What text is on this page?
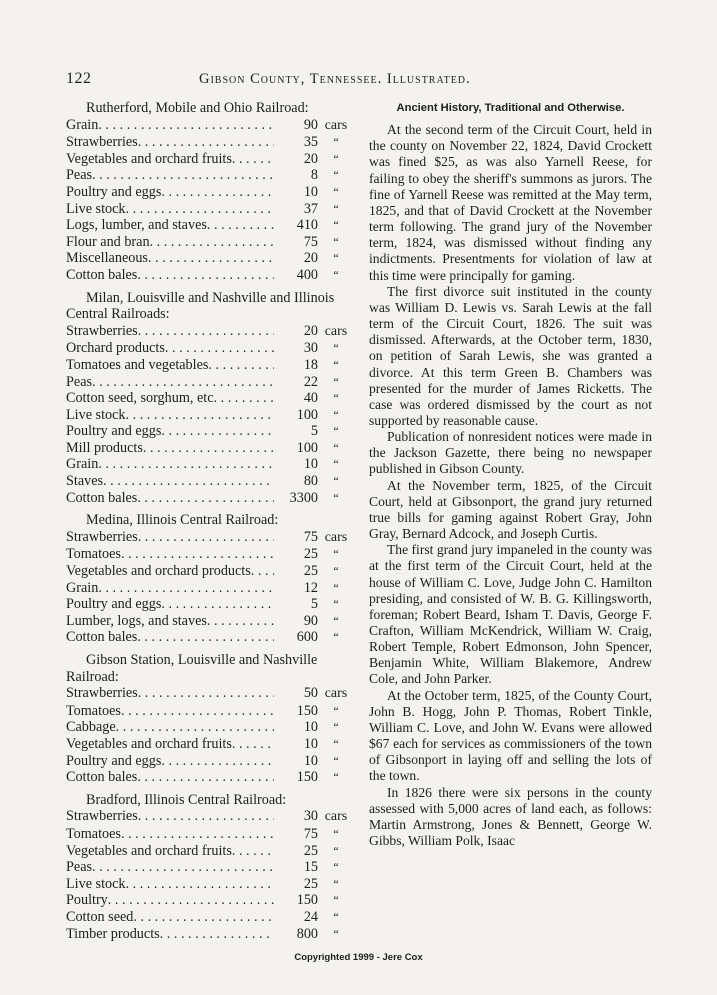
122	Gibson County, Tennessee. Illustrated.
Rutherford, Mobile and Ohio Railroad:
Grain . . .	90 cars
Strawberries . . .	35	“
Vegetables and orchard fruits . . .	20	“
Peas . . .	8	“
Poultry and eggs . . .	10	“
Live stock . . .	37	“
Logs, lumber, and staves . . .	410	“
Flour and bran . . .	75	“
Miscellaneous . . .	20	“
Cotton bales . . .	400	“
Milan, Louisville and Nashville and Illinois Central Railroads:
Strawberries . . .	20 cars
Orchard products . . .	30	“
Tomatoes and vegetables . . .	18	“
Peas . . .	22	“
Cotton seed, sorghum, etc . . .	40	“
Live stock . . .	100	“
Poultry and eggs . . .	5	“
Mill products . . .	100	“
Grain . . .	10	“
Staves . . .	80	“
Cotton bales . . .	3300	“
Medina, Illinois Central Railroad:
Strawberries . . .	75 cars
Tomatoes . . .	25	“
Vegetables and orchard products . . .	25	“
Grain . . .	12	“
Poultry and eggs . . .	5	“
Lumber, logs, and staves . . .	90	“
Cotton bales . . .	600	“
Gibson Station, Louisville and Nashville Railroad:
Strawberries . . .	50 cars
Tomatoes . . .	150	“
Cabbage . . .	10	“
Vegetables and orchard fruits . . .	10	“
Poultry and eggs . . .	10	“
Cotton bales . . .	150	“
Bradford, Illinois Central Railroad:
Strawberries . . .	30 cars
Tomatoes . . .	75	“
Vegetables and orchard fruits . . .	25	“
Peas . . .	15	“
Live stock . . .	25	“
Poultry . . .	150	“
Cotton seed . . .	24	“
Timber products . . .	800	“
Ancient History, Traditional and Otherwise.

At the second term of the Circuit Court, held in the county on November 22, 1824, David Crockett was fined $25, as was also Yarnell Reese, for failing to obey the sheriff's summons as jurors. The fine of Yarnell Reese was remitted at the May term, 1825, and that of David Crockett at the November term following. The grand jury of the November term, 1824, was dismissed without finding any indictments. Presentments for violation of law at this time were principally for gaming.

The first divorce suit instituted in the county was William D. Lewis vs. Sarah Lewis at the fall term of the Circuit Court, 1826. The suit was dismissed. Afterwards, at the October term, 1830, on petition of Sarah Lewis, she was granted a divorce. At this term Green B. Chambers was presented for the murder of James Ricketts. The case was ordered dismissed by the court as not supported by reasonable cause.

Publication of nonresident notices were made in the Jackson Gazette, there being no newspaper published in Gibson County.

At the November term, 1825, of the Circuit Court, held at Gibsonport, the grand jury returned true bills for gaming against Robert Gray, John Gray, Bernard Adcock, and Joseph Curtis.

The first grand jury impaneled in the county was at the first term of the Circuit Court, held at the house of William C. Love, Judge John C. Hamilton presiding, and consisted of W. B. G. Killingsworth, foreman; Robert Beard, Isham T. Davis, George F. Crafton, William McKendrick, William W. Craig, Robert Temple, Robert Edmonson, John Spencer, Benjamin White, William Blakemore, Andrew Cole, and John Parker.

At the October term, 1825, of the County Court, John B. Hogg, John P. Thomas, Robert Tinkle, William C. Love, and John W. Evans were allowed $67 each for services as commissioners of the town of Gibsonport in laying off and selling the lots of the town.

In 1826 there were six persons in the county assessed with 5,000 acres of land each, as follows: Martin Armstrong, Jones & Bennett, George W. Gibbs, William Polk, Isaac

Copyrighted 1999 - Jere Cox
